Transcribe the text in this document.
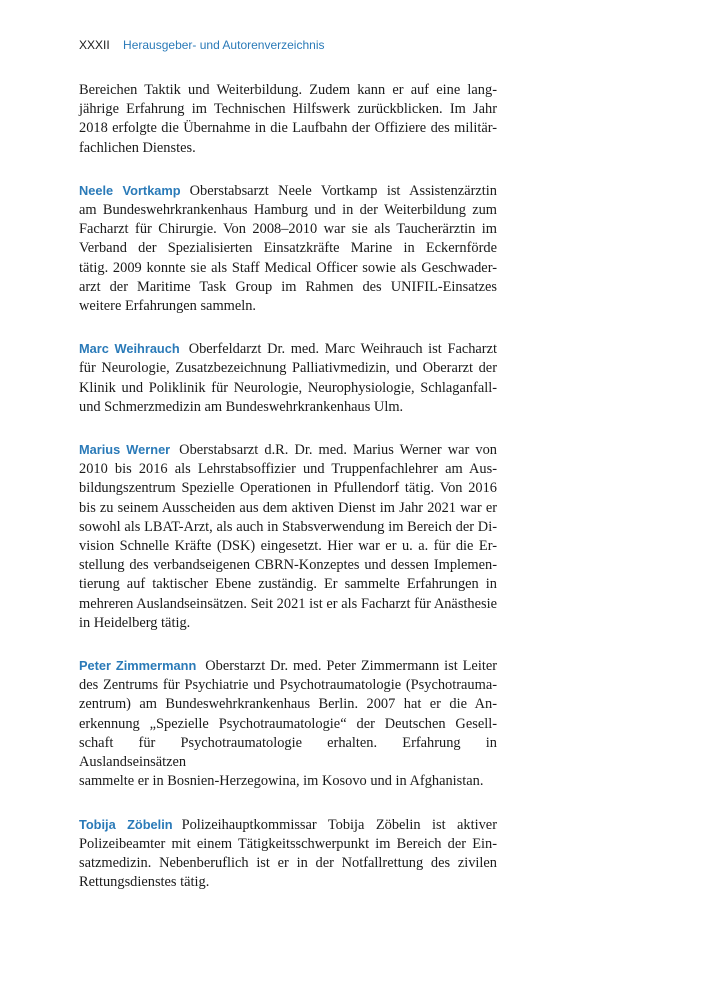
XXXII Herausgeber- und Autorenverzeichnis

Bereichen Taktik und Weiterbildung. Zudem kann er auf eine lang-
jährige Erfahrung im Technischen Hilfswerk zurückblicken. Im Jahr
2018 erfolgte die Übernahme in die Laufbahn der Offiziere des militär-
fachlichen Dienstes.

Neele Vortkamp Oberstabsarzt Neele Vortkamp ist Assistenzärztin
am Bundeswehrkrankenhaus Hamburg und in der Weiterbildung zum
Facharzt für Chirurgie. Von 2008–2010 war sie als Taucherärztin im
Verband der Spezialisierten Einsatzkräfte Marine in Eckernförde
tätig. 2009 konnte sie als Staff Medical Officer sowie als Geschwader-
arzt der Maritime Task Group im Rahmen des UNIFIL-Einsatzes
weitere Erfahrungen sammeln.

Marc Weihrauch Oberfeldarzt Dr. med. Marc Weihrauch ist Facharzt
für Neurologie, Zusatzbezeichnung Palliativmedizin, und Oberarzt der
Klinik und Poliklinik für Neurologie, Neurophysiologie, Schlaganfall-
und Schmerzmedizin am Bundeswehrkrankenhaus Ulm.

Marius Werner Oberstabsarzt d.R. Dr. med. Marius Werner war von
2010 bis 2016 als Lehrstabsoffizier und Truppenfachlehrer am Aus-
bildungszentrum Spezielle Operationen in Pfullendorf tätig. Von 2016
bis zu seinem Ausscheiden aus dem aktiven Dienst im Jahr 2021 war er
sowohl als LBAT-Arzt, als auch in Stabsverwendung im Bereich der Di-
vision Schnelle Kräfte (DSK) eingesetzt. Hier war er u. a. für die Er-
stellung des verbandseigenen CBRN-Konzeptes und dessen Implemen-
tierung auf taktischer Ebene zuständig. Er sammelte Erfahrungen in
mehreren Auslandseinsätzen. Seit 2021 ist er als Facharzt für Anästhesie
in Heidelberg tätig.

Peter Zimmermann Oberstarzt Dr. med. Peter Zimmermann ist Leiter
des Zentrums für Psychiatrie und Psychotraumatologie (Psychotrauma-
zentrum) am Bundeswehrkrankenhaus Berlin. 2007 hat er die An-
erkennung „Spezielle Psychotraumatologie“ der Deutschen Gesell-
schaft für Psychotraumatologie erhalten. Erfahrung in Auslandseinsätzen
sammelte er in Bosnien-Herzegowina, im Kosovo und in Afghanistan.

Tobija Zöbelin Polizeihauptkommissar Tobija Zöbelin ist aktiver
Polizeibeamter mit einem Tätigkeitsschwerpunkt im Bereich der Ein-
satzmedizin. Nebenberuflich ist er in der Notfallrettung des zivilen
Rettungsdienstes tätig.
